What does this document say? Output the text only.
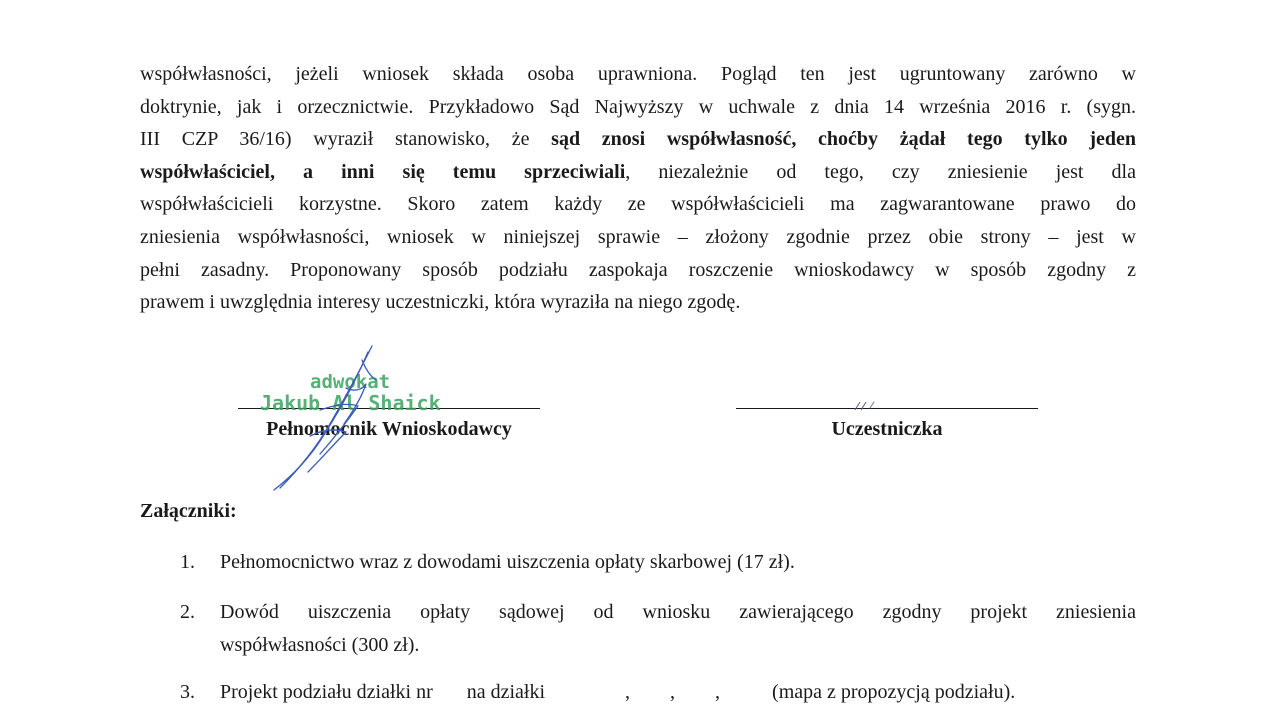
współwłasności, jeżeli wniosek składa osoba uprawniona. Pogląd ten jest ugruntowany zarówno w
doktrynie, jak i orzecznictwie. Przykładowo Sąd Najwyższy w uchwale z dnia 14 września 2016 r. (sygn.
III CZP 36/16) wyraził stanowisko, że sąd znosi współwłasność, choćby żądał tego tylko jeden
współwłaściciel, a inni się temu sprzeciwiali, niezależnie od tego, czy zniesienie jest dla
współwłaścicieli korzystne. Skoro zatem każdy ze współwłaścicieli ma zagwarantowane prawo do
zniesienia współwłasności, wniosek w niniejszej sprawie – złożony zgodnie przez obie strony – jest w
pełni zasadny. Proponowany sposób podziału zaspokaja roszczenie wnioskodawcy w sposób zgodny z
prawem i uwzględnia interesy uczestniczki, która wyraziła na niego zgodę.
adwokat
Jakub Al Shaick
Pełnomocnik Wnioskodawcy	Uczestniczka
Załączniki:
1.	Pełnomocnictwo wraz z dowodami uiszczenia opłaty skarbowej (17 zł).
2.	Dowód uiszczenia opłaty sądowej od wniosku zawierającego zgodny projekt zniesienia
współwłasności (300 zł).
3.	Projekt podziału działki nr na działki	, , ,	(mapa z propozycją podziału).
